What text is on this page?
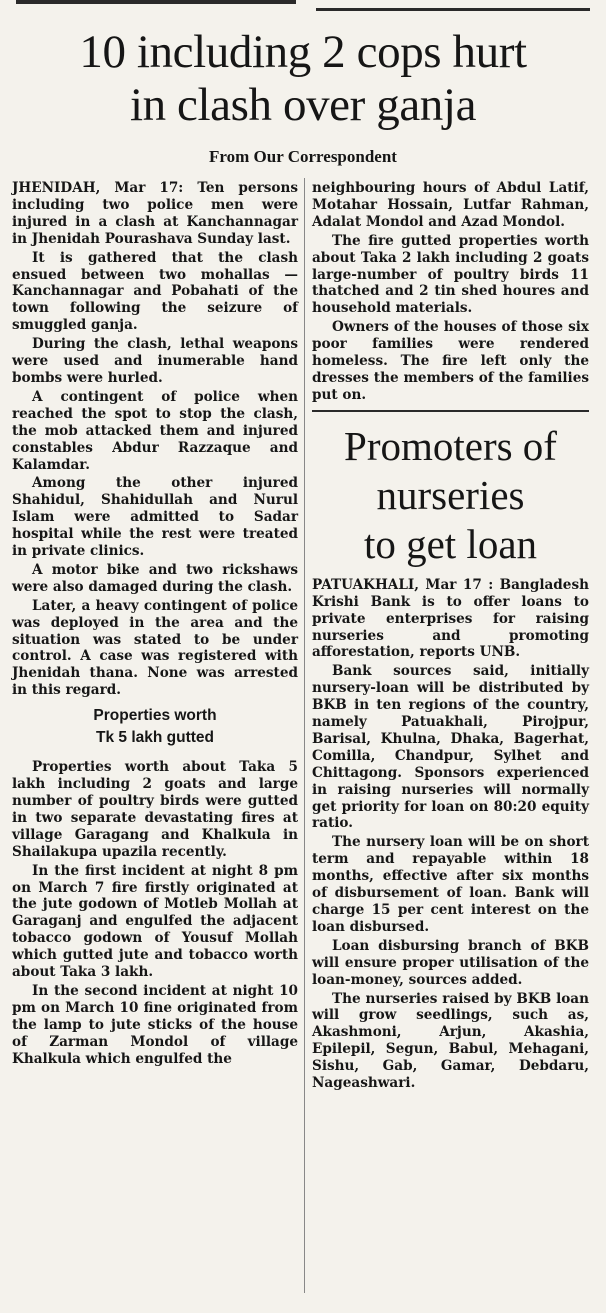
10 including 2 cops hurt
in clash over ganja
From Our Correspondent

JHENIDAH, Mar 17: Ten persons including two police men were injured in a clash at Kanchannagar in Jhenidah Pourashava Sunday last.

It is gathered that the clash ensued between two mohallas — Kanchannagar and Pobahati of the town following the seizure of smuggled ganja.

During the clash, lethal weapons were used and inumerable hand bombs were hurled.

A contingent of police when reached the spot to stop the clash, the mob attacked them and injured constables Abdur Razzaque and Kalamdar.

Among the other injured Shahidul, Shahidullah and Nurul Islam were admitted to Sadar hospital while the rest were treated in private clinics.

A motor bike and two rickshaws were also damaged during the clash.

Later, a heavy contingent of police was deployed in the area and the situation was stated to be under control. A case was registered with Jhenidah thana. None was arrested in this regard.

Properties worth
Tk 5 lakh gutted

Properties worth about Taka 5 lakh including 2 goats and large number of poultry birds were gutted in two separate devastating fires at village Garagang and Khalkula in Shailakupa upazila recently.

In the first incident at night 8 pm on March 7 fire firstly originated at the jute godown of Motleb Mollah at Garaganj and engulfed the adjacent tobacco godown of Yousuf Mollah which gutted jute and tobacco worth about Taka 3 lakh.

In the second incident at night 10 pm on March 10 fine originated from the lamp to jute sticks of the house of Zarman Mondol of village Khalkula which engulfed the

neighbouring hours of Abdul Latif, Motahar Hossain, Lutfar Rahman, Adalat Mondol and Azad Mondol.

The fire gutted properties worth about Taka 2 lakh including 2 goats large-number of poultry birds 11 thatched and 2 tin shed houres and household materials.

Owners of the houses of those six poor families were rendered homeless. The fire left only the dresses the members of the families put on.

Promoters of
nurseries
to get loan

PATUAKHALI, Mar 17 : Bangladesh Krishi Bank is to offer loans to private enterprises for raising nurseries and promoting afforestation, reports UNB.

Bank sources said, initially nursery-loan will be distributed by BKB in ten regions of the country, namely Patuakhali, Pirojpur, Barisal, Khulna, Dhaka, Bagerhat, Comilla, Chandpur, Sylhet and Chittagong. Sponsors experienced in raising nurseries will normally get priority for loan on 80:20 equity ratio.

The nursery loan will be on short term and repayable within 18 months, effective after six months of disbursement of loan. Bank will charge 15 per cent interest on the loan disbursed.

Loan disbursing branch of BKB will ensure proper utilisation of the loan-money, sources added.

The nurseries raised by BKB loan will grow seedlings, such as, Akashmoni, Arjun, Akashia, Epilepil, Segun, Babul, Mehagani, Sishu, Gab, Gamar, Debdaru, Nageashwari.
